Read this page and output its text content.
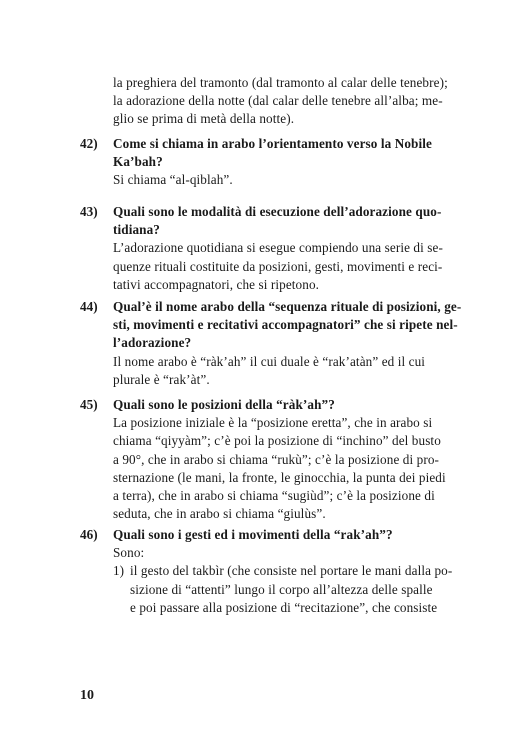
la preghiera del tramonto (dal tramonto al calar delle tenebre);
la adorazione della notte (dal calar delle tenebre all’alba; me-
glio se prima di metà della notte).
42) Come si chiama in arabo l’orientamento verso la Nobile
Ka’bah?
Si chiama “al-qiblah”.
43) Quali sono le modalità di esecuzione dell’adorazione quo-
tidiana?
L’adorazione quotidiana si esegue compiendo una serie di se-
quenze rituali costituite da posizioni, gesti, movimenti e reci-
tativi accompagnatori, che si ripetono.
44) Qual’è il nome arabo della “sequenza rituale di posizioni, ge-
sti, movimenti e recitativi accompagnatori” che si ripete nel-
l’adorazione?
Il nome arabo è “ràk’ah” il cui duale è “rak’atàn” ed il cui
plurale è “rak’àt”.
45) Quali sono le posizioni della “ràk’ah”?
La posizione iniziale è la “posizione eretta”, che in arabo si
chiama “qiyyàm”; c’è poi la posizione di “inchino” del busto
a 90°, che in arabo si chiama “rukù”; c’è la posizione di pro-
sternazione (le mani, la fronte, le ginocchia, la punta dei piedi
a terra), che in arabo si chiama “sugiùd”; c’è la posizione di
seduta, che in arabo si chiama “giulùs”.
46) Quali sono i gesti ed i movimenti della “rak’ah”?
Sono:
1) il gesto del takbìr (che consiste nel portare le mani dalla po-
sizione di “attenti” lungo il corpo all’altezza delle spalle
e poi passare alla posizione di “recitazione”, che consiste
10
